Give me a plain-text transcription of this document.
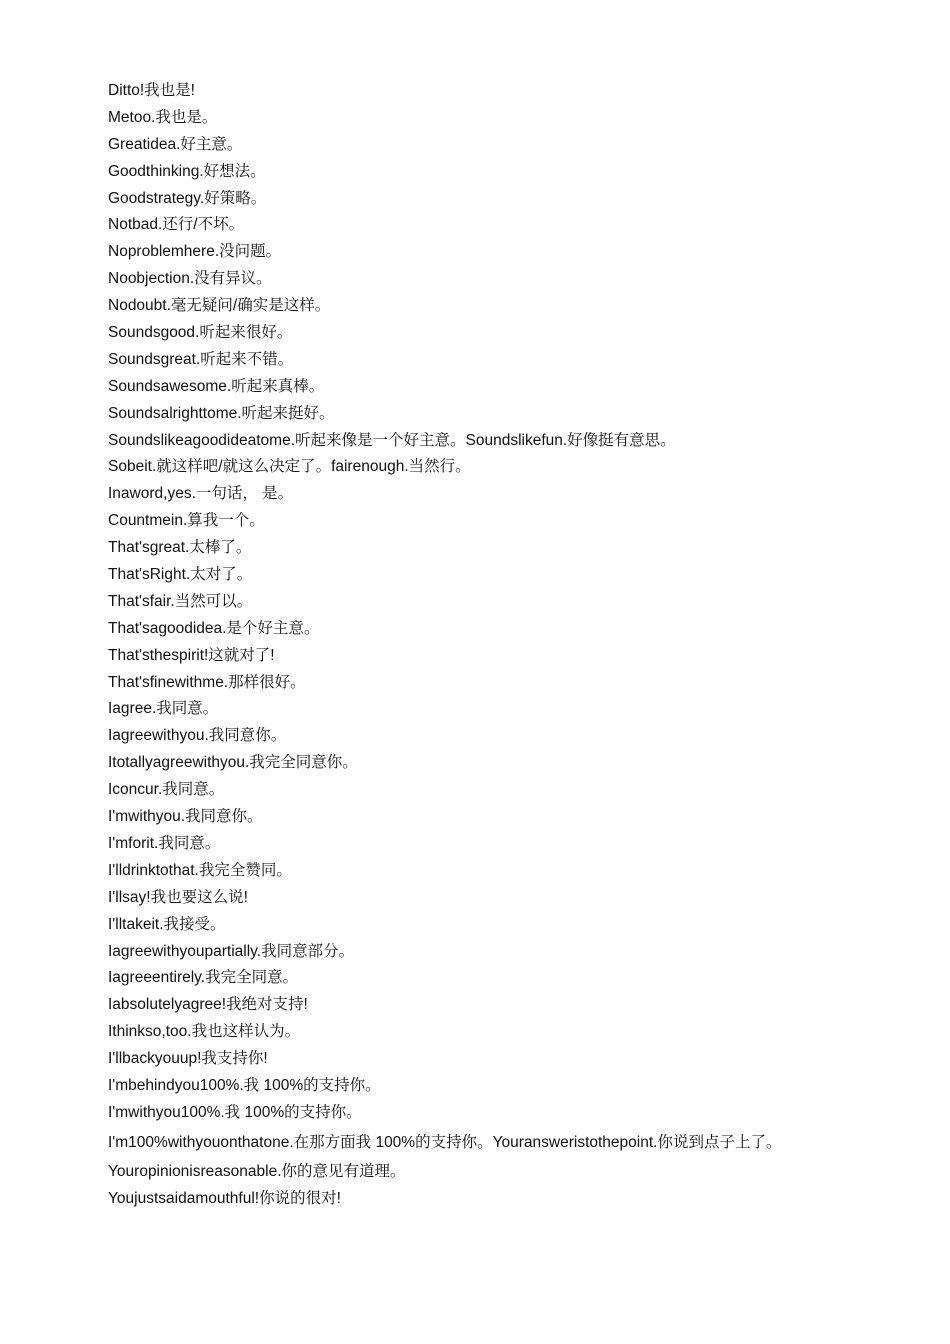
Ditto!我也是!

Metoo.我也是。

Greatidea.好主意。

Goodthinking.好想法。

Goodstrategy.好策略。

Notbad.还行/不坏。

Noproblemhere.没问题。

Noobjection.没有异议。

Nodoubt.毫无疑问/确实是这样。

Soundsgood.听起来很好。

Soundsgreat.听起来不错。

Soundsawesome.听起来真棒。

Soundsalrighttome.听起来挺好。

Soundslikeagoodideatome.听起来像是一个好主意。Soundslikefun.好像挺有意思。

Sobeit.就这样吧/就这么决定了。fairenough.当然行。

Inaword,yes.一句话， 是。

Countmein.算我一个。

That'sgreat.太棒了。

That'sRight.太对了。

That'sfair.当然可以。

That'sagoodidea.是个好主意。

That'sthespirit!这就对了!

That'sfinewithme.那样很好。

Iagree.我同意。

Iagreewithyou.我同意你。

Itotallyagreewithyou.我完全同意你。

Iconcur.我同意。

I'mwithyou.我同意你。

I'mforit.我同意。

I'lldrinktothat.我完全赞同。

I'llsay!我也要这么说!

I'lltakeit.我接受。

Iagreewithyoupartially.我同意部分。

Iagreeentirely.我完全同意。

Iabsolutelyagree!我绝对支持!

Ithinkso,too.我也这样认为。

I'llbackyouup!我支持你!

I'mbehindyou100%.我 100%的支持你。

I'mwithyou100%.我 100%的支持你。

I'm100%withyouonthatone.在那方面我 100%的支持你。Youransweristothepoint.你说到点子上了。

Youropinionisreasonable.你的意见有道理。

Youjustsaidamouthful!你说的很对!
